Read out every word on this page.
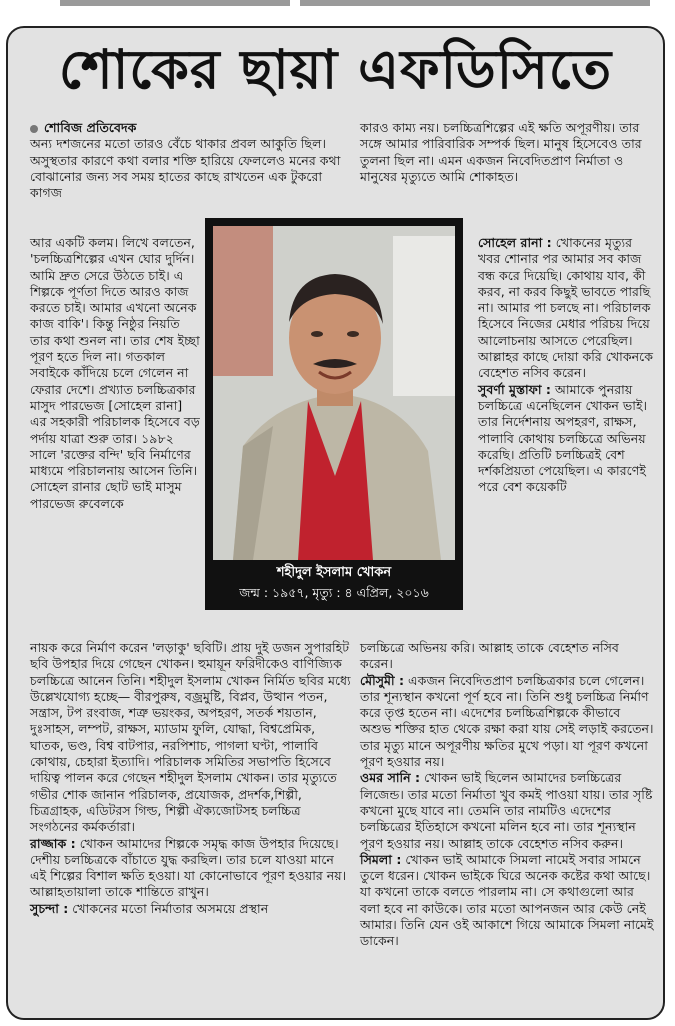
শোকের ছায়া এফডিসিতে

শোবিজ প্রতিবেদক

অন্য দশজনের মতো তারও বেঁচে থাকার প্রবল আকুতি ছিল। অসুস্থতার কারণে কথা বলার শক্তি হারিয়ে ফেললেও মনের কথা বোঝানোর জন্য সব সময় হাতের কাছে রাখতেন এক টুকরো কাগজ

আর একটি কলম। লিখে বলতেন, 'চলচ্চিত্রশিল্পের এখন ঘোর দুর্দিন। আমি দ্রুত সেরে উঠতে চাই। এ শিল্পকে পূর্ণতা দিতে আরও কাজ করতে চাই। আমার এখনো অনেক কাজ বাকি'। কিন্তু নিষ্ঠুর নিয়তি তার কথা শুনল না। তার শেষ ইচ্ছা পূরণ হতে দিল না। গতকাল সবাইকে কাঁদিয়ে চলে গেলেন না ফেরার দেশে। প্রখ্যাত চলচ্চিত্রকার মাসুদ পারভেজ [সোহেল রানা] এর সহকারী পরিচালক হিসেবে বড় পর্দায় যাত্রা শুরু তার। ১৯৮২ সালে 'রক্তের বন্দি' ছবি নির্মাণের মাধ্যমে পরিচালনায় আসেন তিনি। সোহেল রানার ছোট ভাই মাসুম পারভেজ রুবেলকে

নায়ক করে নির্মাণ করেন 'লড়াকু' ছবিটি। প্রায় দুই ডজন সুপারহিট ছবি উপহার দিয়ে গেছেন খোকন। হুমায়ূন ফরিদীকেও বাণিজ্যিক চলচ্চিত্রে আনেন তিনি। শহীদুল ইসলাম খোকন নির্মিত ছবির মধ্যে উল্লেখযোগ্য হচ্ছে— বীরপুরুষ, বজ্রমুষ্টি, বিপ্লব, উত্থান পতন, সন্ত্রাস, টপ রংবাজ, শত্রু ভয়ংকর, অপহরণ, সতর্ক শয়তান, দুঃসাহস, লম্পট, রাক্ষস, ম্যাডাম ফুলি, যোদ্ধা, বিশ্বপ্রেমিক, ঘাতক, ভণ্ড, বিশ্ব বাটপার, নরপিশাচ, পাগলা ঘণ্টা, পালাবি কোথায়, চেহারা ইত্যাদি। পরিচালক সমিতির সভাপতি হিসেবে দায়িত্ব পালন করে গেছেন শহীদুল ইসলাম খোকন। তার মৃত্যুতে গভীর শোক জানান পরিচালক, প্রযোজক, প্রদর্শক,শিল্পী, চিত্রগ্রাহক, এডিটরস গিল্ড, শিল্পী ঐক্যজোটসহ চলচ্চিত্র সংগঠনের কর্মকর্তারা।

রাজ্জাক : খোকন আমাদের শিল্পকে সমৃদ্ধ কাজ উপহার দিয়েছে। দেশীয় চলচ্চিত্রকে বাঁচাতে যুদ্ধ করছিল। তার চলে যাওয়া মানে এই শিল্পের বিশাল ক্ষতি হওয়া। যা কোনোভাবে পূরণ হওয়ার নয়। আল্লাহতায়ালা তাকে শান্তিতে রাখুন।

সুচন্দা : খোকনের মতো নির্মাতার অসময়ে প্রস্থান

কারও কাম্য নয়। চলচ্চিত্রশিল্পের এই ক্ষতি অপূরণীয়। তার সঙ্গে আমার পারিবারিক সম্পর্ক ছিল। মানুষ হিসেবেও তার তুলনা ছিল না। এমন একজন নিবেদিতপ্রাণ নির্মাতা ও মানুষের মৃত্যুতে আমি শোকাহত।

সোহেল রানা : খোকনের মৃত্যুর খবর শোনার পর আমার সব কাজ বন্ধ করে দিয়েছি। কোথায় যাব, কী করব, না করব কিছুই ভাবতে পারছি না। আমার পা চলছে না। পরিচালক হিসেবে নিজের মেধার পরিচয় দিয়ে আলোচনায় আসতে পেরেছিল। আল্লাহর কাছে দোয়া করি খোকনকে বেহেশত নসিব করেন।

সুবর্ণা মুস্তাফা : আমাকে পুনরায় চলচ্চিত্রে এনেছিলেন খোকন ভাই। তার নির্দেশনায় অপহরণ, রাক্ষস, পালাবি কোথায় চলচ্চিত্রে অভিনয় করেছি। প্রতিটি চলচ্চিত্রই বেশ দর্শকপ্রিয়তা পেয়েছিল। এ কারণেই পরে বেশ কয়েকটি

চলচ্চিত্রে অভিনয় করি। আল্লাহ তাকে বেহেশত নসিব করেন।

মৌসুমী : একজন নিবেদিতপ্রাণ চলচ্চিত্রকার চলে গেলেন। তার শূন্যস্থান কখনো পূর্ণ হবে না। তিনি শুধু চলচ্চিত্র নির্মাণ করে তৃপ্ত হতেন না। এদেশের চলচ্চিত্রশিল্পকে কীভাবে অশুভ শক্তির হাত থেকে রক্ষা করা যায় সেই লড়াই করতেন। তার মৃত্যু মানে অপূরণীয় ক্ষতির মুখে পড়া। যা পূরণ কখনো পূরণ হওয়ার নয়।

ওমর সানি : খোকন ভাই ছিলেন আমাদের চলচ্চিত্রের লিজেন্ড। তার মতো নির্মাতা খুব কমই পাওয়া যায়। তার সৃষ্টি কখনো মুছে যাবে না। তেমনি তার নামটিও এদেশের চলচ্চিত্রের ইতিহাসে কখনো মলিন হবে না। তার শূন্যস্থান পূরণ হওয়ার নয়। আল্লাহ তাকে বেহেশত নসিব করুন।

সিমলা : খোকন ভাই আমাকে সিমলা নামেই সবার সামনে তুলে ধরেন। খোকন ভাইকে ঘিরে অনেক কষ্টের কথা আছে। যা কখনো তাকে বলতে পারলাম না। সে কথাগুলো আর বলা হবে না কাউকে। তার মতো আপনজন আর কেউ নেই আমার। তিনি যেন ওই আকাশে গিয়ে আমাকে সিমলা নামেই ডাকেন।

শহীদুল ইসলাম খোকন
জন্ম : ১৯৫৭, মৃত্যু : ৪ এপ্রিল, ২০১৬
